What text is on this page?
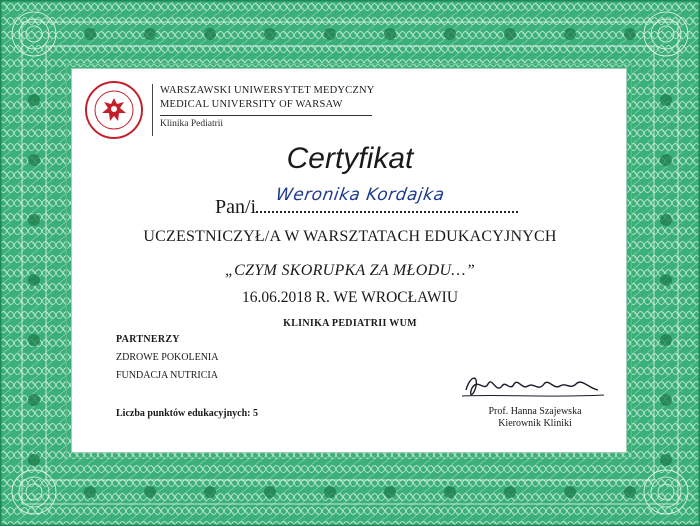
WARSZAWSKI UNIWERSYTET MEDYCZNY
MEDICAL UNIVERSITY OF WARSAW
Klinika Pediatrii
Certyfikat
Pan/i
Weronika Kordajka
UCZESTNICZYŁ/A W WARSZTATACH EDUKACYJNYCH
„CZYM SKORUPKA ZA MŁODU…”
16.06.2018 R. WE WROCŁAWIU
KLINIKA PEDIATRII WUM
PARTNERZY
ZDROWE POKOLENIA
FUNDACJA NUTRICIA
Liczba punktów edukacyjnych: 5	Prof. Hanna Szajewska
Kierownik Kliniki
